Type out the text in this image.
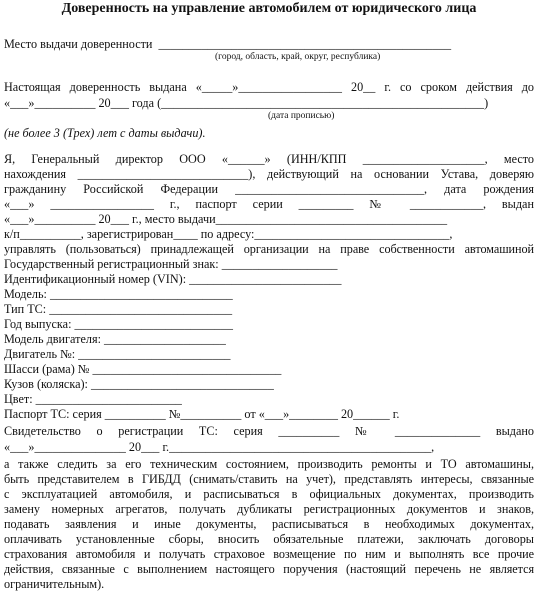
Доверенность на управление автомобилем от юридического лица
Место выдачи доверенности  ________________________________________________
(город, область, край, округ, республика)
Настоящая доверенность выдана «_____»_________________ 20__ г. со сроком действия до
«___»__________ 20___ года (_____________________________________________________)
(дата прописью)
(не более 3 (Трех) лет с даты выдачи).
Я, Генеральный директор ООО «______» (ИНН/КПП ____________________, место
нахождения ____________________________), действующий на основании Устава, доверяю
гражданину Российской Федерации _______________________________, дата рождения
«___» _________________ г., паспорт серии _________ № ____________, выдан
«___»__________ 20___ г., место выдачи______________________________________
к/п__________, зарегистрирован____ по адресу:________________________________,
управлять (пользоваться) принадлежащей организации на праве собственности автомашиной
Государственный регистрационный знак: ___________________
Идентификационный номер (VIN): _________________________
Модель: ______________________________
Тип ТС: ______________________________
Год выпуска: __________________________
Модель двигателя: ____________________
Двигатель №: _________________________
Шасси (рама) № _______________________________
Кузов (коляска): ______________________________
Цвет: ________________________
Паспорт ТС: серия __________ №__________ от «___»________ 20______ г.
Свидетельство о регистрации ТС: серия __________ № ______________ выдано
«___»_______________ 20___ г.___________________________________________,
а также следить за его техническим состоянием, производить ремонты и ТО автомашины,
быть представителем в ГИБДД (снимать/ставить на учет), представлять интересы, связанные
с эксплуатацией автомобиля, и расписываться в официальных документах, производить
замену номерных агрегатов, получать дубликаты регистрационных документов и знаков,
подавать заявления и иные документы, расписываться в необходимых документах,
оплачивать установленные сборы, вносить обязательные платежи, заключать договоры
страхования автомобиля и получать страховое возмещение по ним и выполнять все прочие
действия, связанные с выполнением настоящего поручения (настоящий перечень не является
ограничительным).
